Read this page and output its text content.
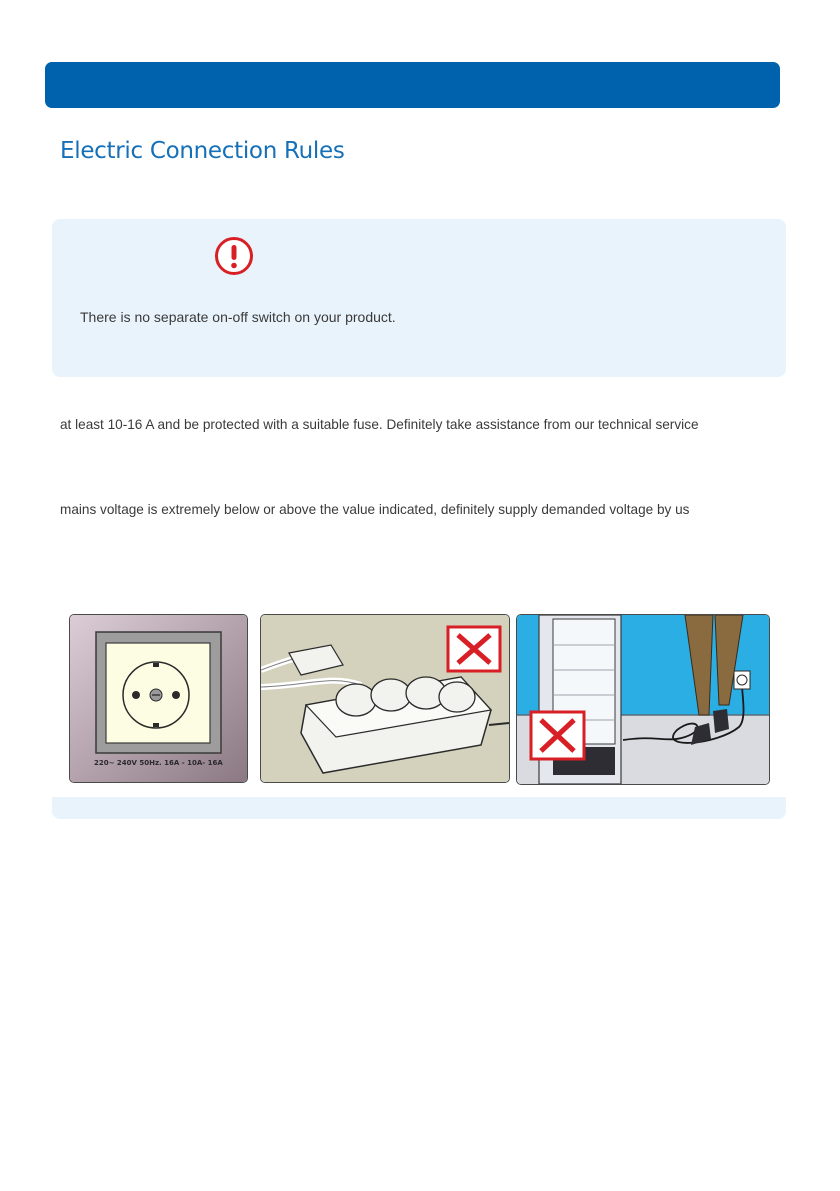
Electric Connection Rules
There is no separate on-off switch on your product.
at least 10-16 A and be protected with a suitable fuse. Definitely take assistance from our technical service
mains voltage is extremely below or above the value indicated, definitely supply demanded voltage by us
220~ 240V 50Hz. 16A - 10A- 16A
